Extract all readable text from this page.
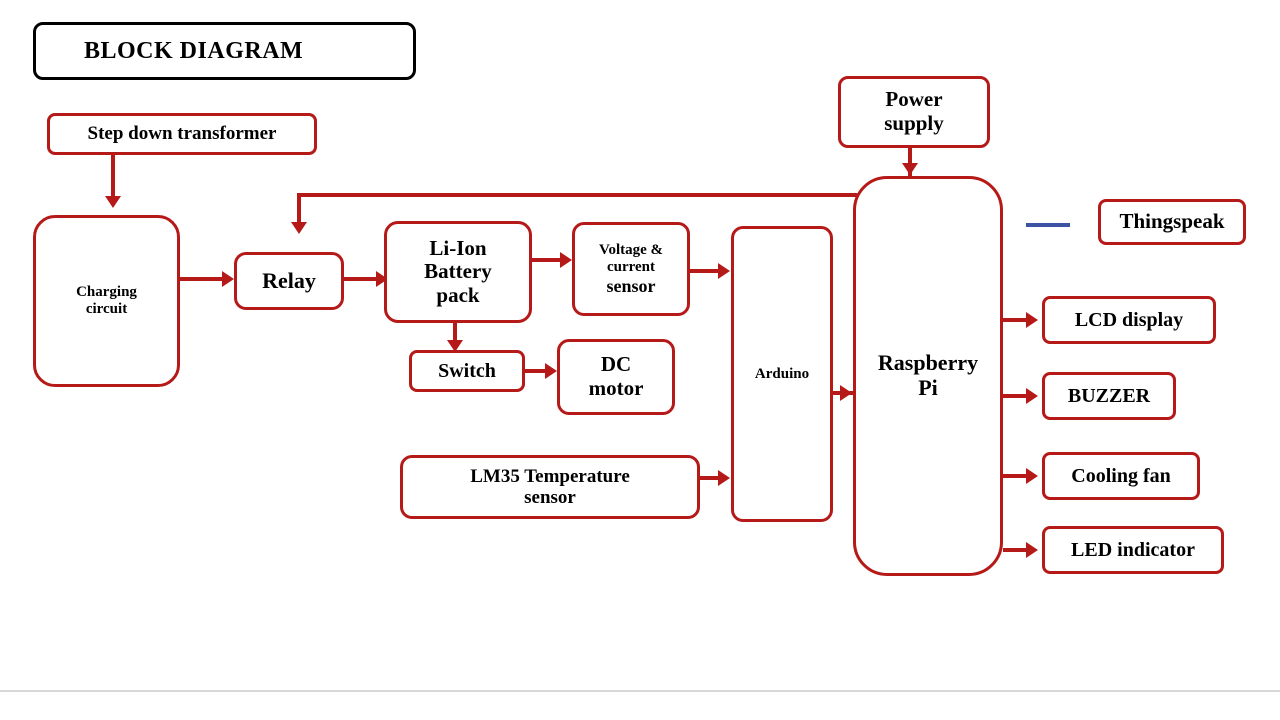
BLOCK DIAGRAM
Step down transformer
Charging
circuit
Relay
Li-Ion
Battery
pack
Voltage &
current
sensor
Switch	DC
motor
LM35 Temperature
sensor
Arduino
Power
supply
Raspberry
Pi
Thingspeak
LCD display
BUZZER
Cooling fan
LED indicator
